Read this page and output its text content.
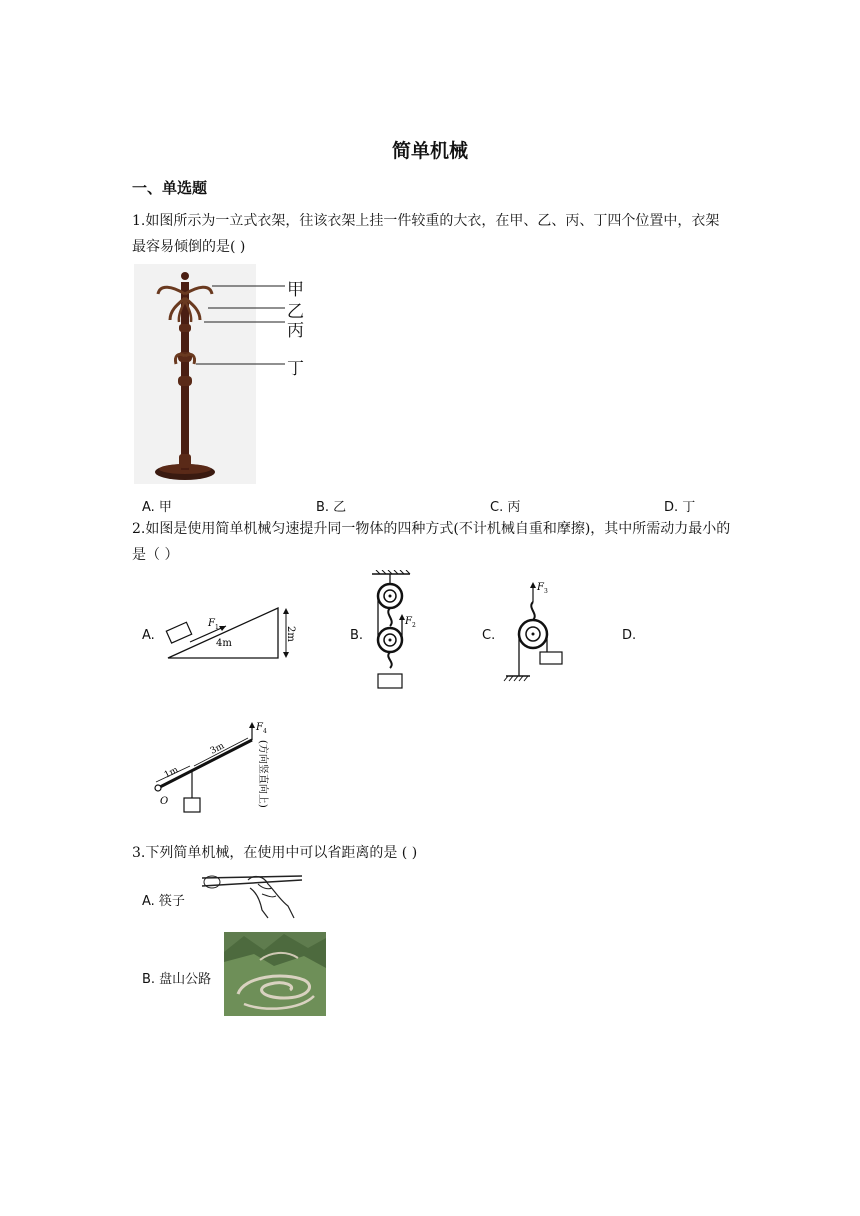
简单机械
一、单选题
1.如图所示为一立式衣架，往该衣架上挂一件较重的大衣，在甲、乙、丙、丁四个位置中，衣架最容易倾倒的是( )
甲
乙
丙
丁
A. 甲	B. 乙	C. 丙	D. 丁
2.如图是使用简单机械匀速提升同一物体的四种方式(不计机械自重和摩擦)，其中所需动力最小的是（ ）
A.	B.	C.	D.
F 1
4m
2m
F 2
F 3
O
F 4
3m
1m	(方向竖直向上)
3.下列简单机械，在使用中可以省距离的是 ( )
A. 筷子
B. 盘山公路
